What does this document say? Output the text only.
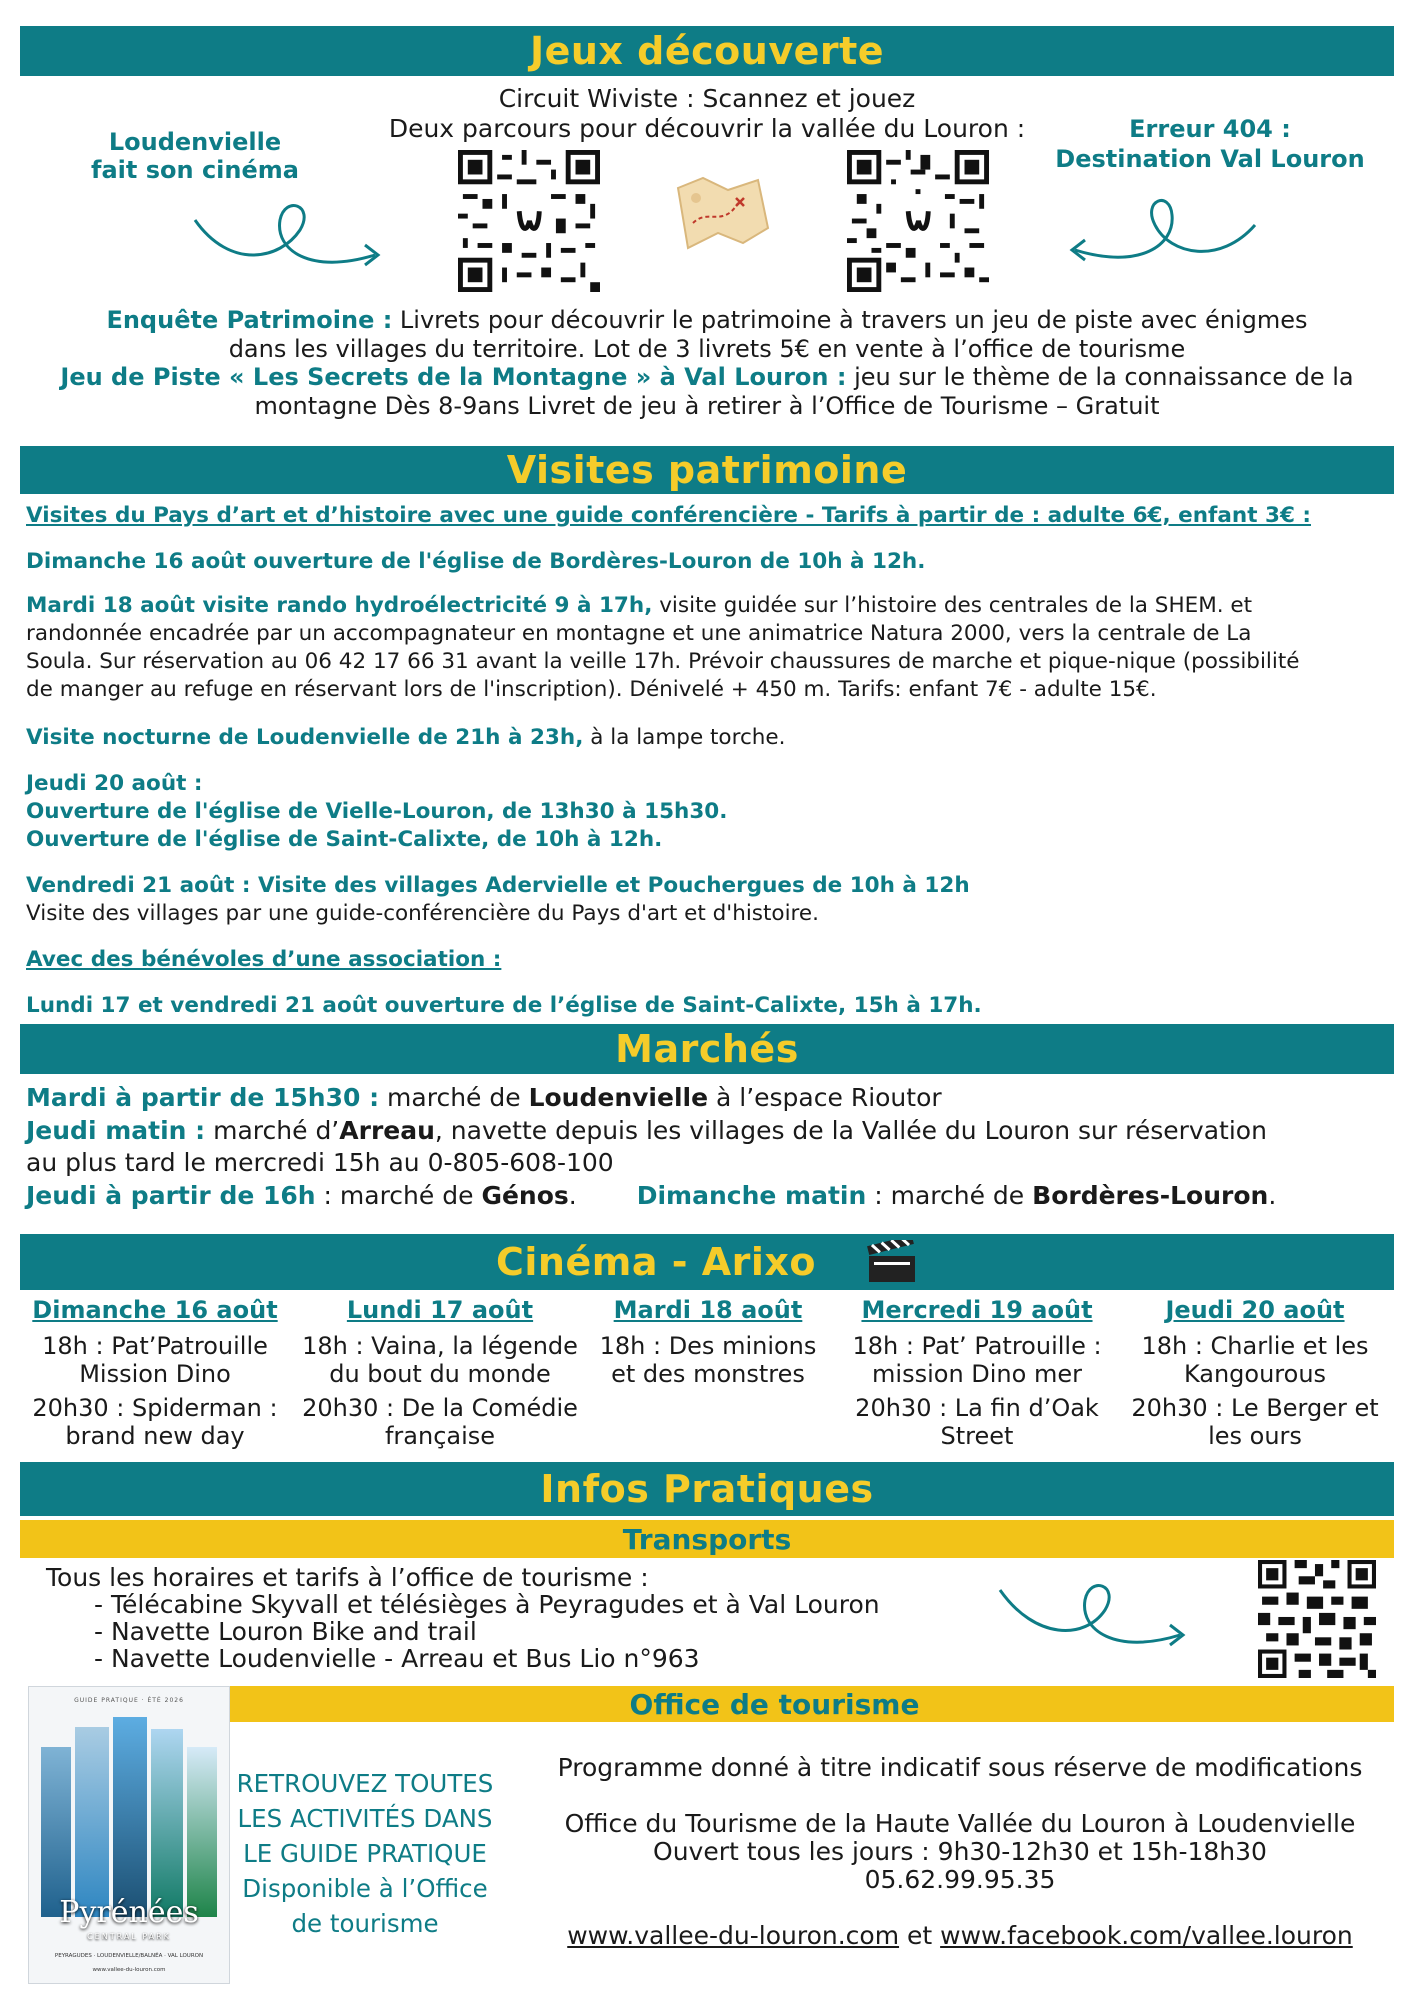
Jeux découverte
Loudenvielle
fait son cinéma
Circuit Wiviste : Scannez et jouez
Deux parcours pour découvrir la vallée du Louron :	Erreur 404 :
Destination Val Louron
Enquête Patrimoine : Livrets pour découvrir le patrimoine à travers un jeu de piste avec énigmes
dans les villages du territoire. Lot de 3 livrets 5€ en vente à l’office de tourisme
Jeu de Piste « Les Secrets de la Montagne » à Val Louron : jeu sur le thème de la connaissance de la
montagne Dès 8-9ans Livret de jeu à retirer à l’Office de Tourisme – Gratuit
Visites patrimoine
Visites du Pays d’art et d’histoire avec une guide conférencière - Tarifs à partir de : adulte 6€, enfant 3€ :
Dimanche 16 août ouverture de l'église de Bordères-Louron de 10h à 12h.
Mardi 18 août visite rando hydroélectricité 9 à 17h, visite guidée sur l’histoire des centrales de la SHEM. et
randonnée encadrée par un accompagnateur en montagne et une animatrice Natura 2000, vers la centrale de La
Soula. Sur réservation au 06 42 17 66 31 avant la veille 17h. Prévoir chaussures de marche et pique-nique (possibilité
de manger au refuge en réservant lors de l'inscription). Dénivelé + 450 m. Tarifs: enfant 7€ - adulte 15€.
Visite nocturne de Loudenvielle de 21h à 23h, à la lampe torche.
Jeudi 20 août :
Ouverture de l'église de Vielle-Louron, de 13h30 à 15h30.
Ouverture de l'église de Saint-Calixte, de 10h à 12h.
Vendredi 21 août : Visite des villages Adervielle et Pouchergues de 10h à 12h
Visite des villages par une guide-conférencière du Pays d'art et d'histoire.
Avec des bénévoles d’une association :
Lundi 17 et vendredi 21 août ouverture de l’église de Saint-Calixte, 15h à 17h.
Marchés
Mardi à partir de 15h30 : marché de Loudenvielle à l’espace Rioutor
Jeudi matin : marché d’Arreau, navette depuis les villages de la Vallée du Louron sur réservation
au plus tard le mercredi 15h au 0-805-608-100
Jeudi à partir de 16h : marché de Génos. Dimanche matin : marché de Bordères-Louron.
Cinéma - Arixo
Dimanche 16 août
18h : Pat’Patrouille Mission Dino
20h30 : Spiderman : brand new day
Lundi 17 août
18h : Vaina, la légende du bout du monde
20h30 : De la Comédie française
Mardi 18 août
18h : Des minions et des monstres
Mercredi 19 août
18h : Pat’ Patrouille : mission Dino mer
20h30 : La fin d’Oak Street
Jeudi 20 août
18h : Charlie et les Kangourous
20h30 : Le Berger et les ours
Infos Pratiques
Transports
Tous les horaires et tarifs à l’office de tourisme :
- Télécabine Skyvall et télésièges à Peyragudes et à Val Louron
- Navette Louron Bike and trail
- Navette Loudenvielle - Arreau et Bus Lio n°963
Office de tourisme
GUIDE PRATIQUE · ÉTÉ 2026
Pyrénées
CENTRAL PARK
PEYRAGUDES · LOUDENVIELLE/BALNÉA · VAL LOURON
www.vallee-du-louron.com
RETROUVEZ TOUTES
LES ACTIVITÉS DANS
LE GUIDE PRATIQUE
Disponible à l’Office
de tourisme
Programme donné à titre indicatif sous réserve de modifications
Office du Tourisme de la Haute Vallée du Louron à Loudenvielle
Ouvert tous les jours : 9h30-12h30 et 15h-18h30
05.62.99.95.35
www.vallee-du-louron.com et www.facebook.com/vallee.louron
